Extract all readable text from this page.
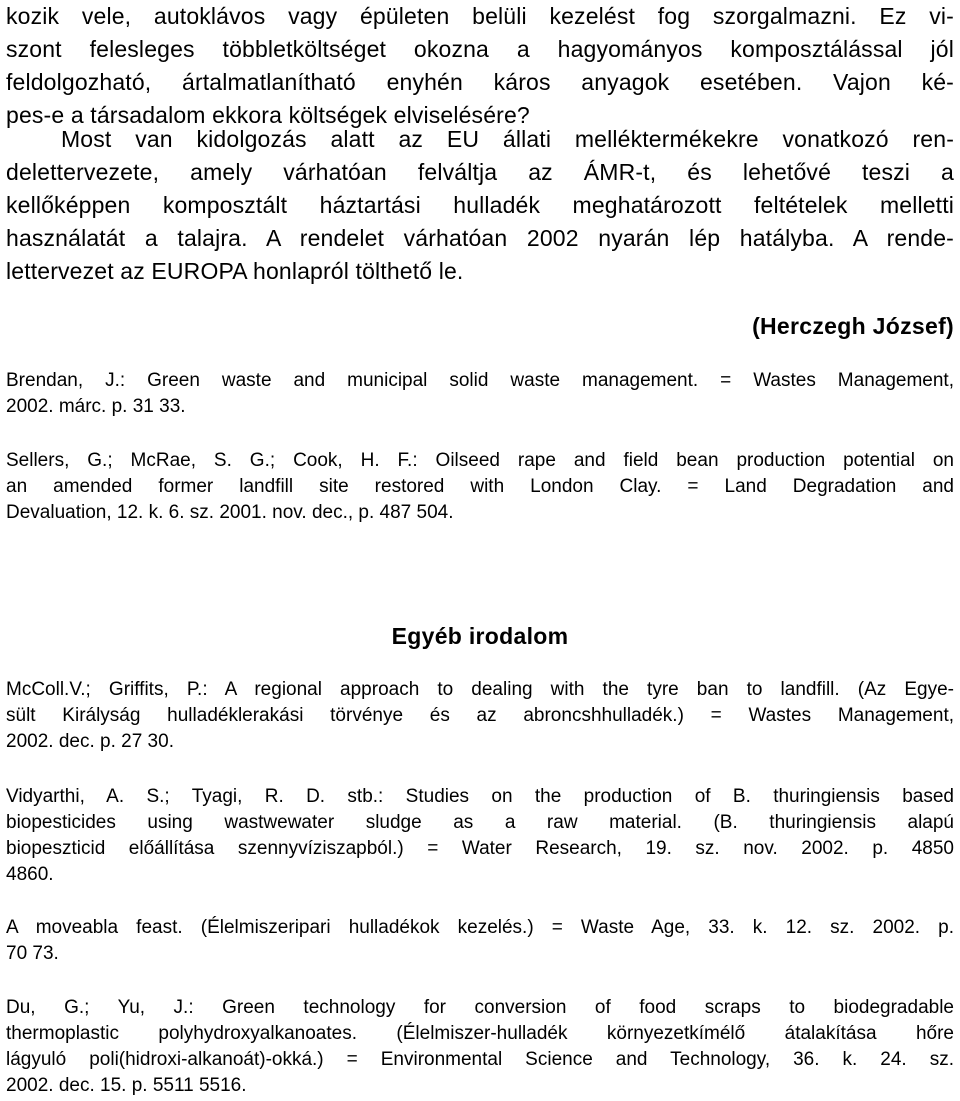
kozik vele, autoklávos vagy épületen belüli kezelést fog szorgalmazni. Ez vi-
szont felesleges többletköltséget okozna a hagyományos komposztálással jól
feldolgozható, ártalmatlanítható enyhén káros anyagok esetében. Vajon ké-
pes-e a társadalom ekkora költségek elviselésére?

Most van kidolgozás alatt az EU állati melléktermékekre vonatkozó ren-
delettervezete, amely várhatóan felváltja az ÁMR-t, és lehetővé teszi a
kellőképpen komposztált háztartási hulladék meghatározott feltételek melletti
használatát a talajra. A rendelet várhatóan 2002 nyarán lép hatályba. A rende-
lettervezet az EUROPA honlapról tölthető le.

(Herczegh József)

Brendan, J.: Green waste and municipal solid waste management. = Wastes Management,
2002. márc. p. 31 33.

Sellers, G.; McRae, S. G.; Cook, H. F.: Oilseed rape and field bean production potential on
an amended former landfill site restored with London Clay. = Land Degradation and
Devaluation, 12. k. 6. sz. 2001. nov. dec., p. 487 504.

Egyéb irodalom

McColl.V.; Griffits, P.: A regional approach to dealing with the tyre ban to landfill. (Az Egye-
sült Királyság hulladéklerakási törvénye és az abroncshhulladék.) = Wastes Management,
2002. dec. p. 27 30.

Vidyarthi, A. S.; Tyagi, R. D. stb.: Studies on the production of B. thuringiensis based
biopesticides using wastwewater sludge as a raw material. (B. thuringiensis alapú
biopeszticid előállítása szennyvíziszapból.) = Water Research, 19. sz. nov. 2002. p. 4850
4860.

A moveabla feast. (Élelmiszeripari hulladékok kezelés.) = Waste Age, 33. k. 12. sz. 2002. p.
70 73.

Du, G.; Yu, J.: Green technology for conversion of food scraps to biodegradable
thermoplastic polyhydroxyalkanoates. (Élelmiszer-hulladék környezetkímélő átalakítása hőre
lágyuló poli(hidroxi-alkanoát)-okká.) = Environmental Science and Technology, 36. k. 24. sz.
2002. dec. 15. p. 5511 5516.
